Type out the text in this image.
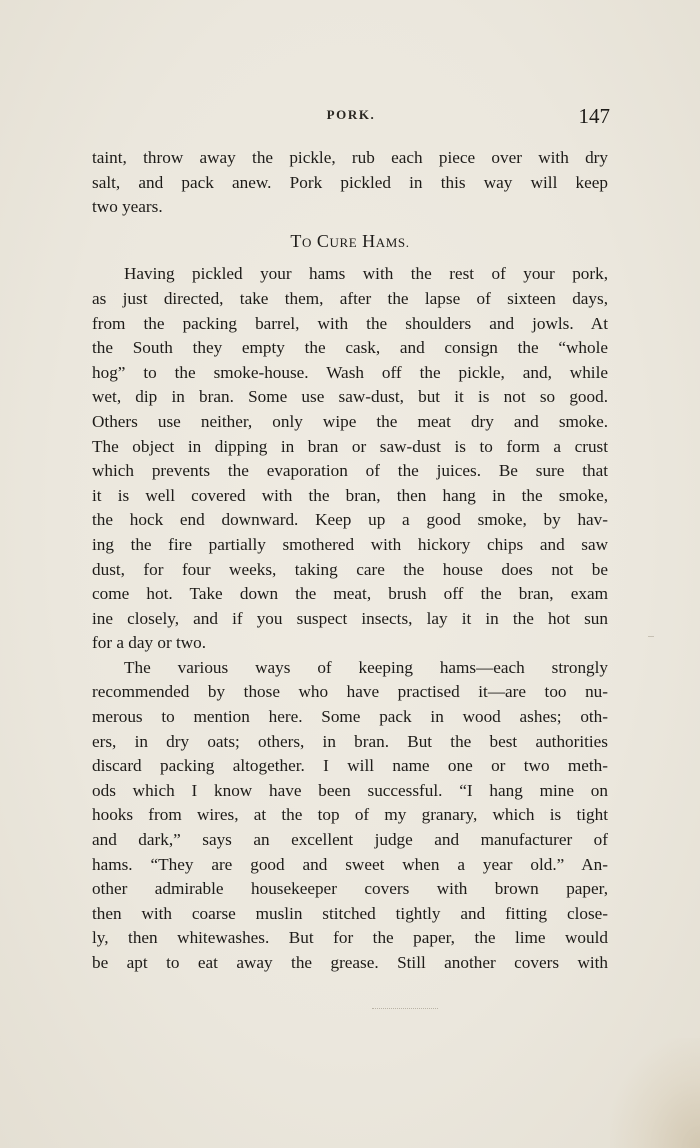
PORK.	147
taint, throw away the pickle, rub each piece over with dry
salt, and pack anew. Pork pickled in this way will keep
two years.
TO CURE HAMS.
Having pickled your hams with the rest of your pork,
as just directed, take them, after the lapse of sixteen days,
from the packing barrel, with the shoulders and jowls. At
the South they empty the cask, and consign the “whole
hog” to the smoke-house. Wash off the pickle, and, while
wet, dip in bran. Some use saw-dust, but it is not so good.
Others use neither, only wipe the meat dry and smoke.
The object in dipping in bran or saw-dust is to form a crust
which prevents the evaporation of the juices. Be sure that
it is well covered with the bran, then hang in the smoke,
the hock end downward. Keep up a good smoke, by hav-
ing the fire partially smothered with hickory chips and saw
dust, for four weeks, taking care the house does not be
come hot. Take down the meat, brush off the bran, exam
ine closely, and if you suspect insects, lay it in the hot sun
for a day or two.
The various ways of keeping hams—each strongly
recommended by those who have practised it—are too nu-
merous to mention here. Some pack in wood ashes; oth-
ers, in dry oats; others, in bran. But the best authorities
discard packing altogether. I will name one or two meth-
ods which I know have been successful. “I hang mine on
hooks from wires, at the top of my granary, which is tight
and dark,” says an excellent judge and manufacturer of
hams. “They are good and sweet when a year old.” An-
other admirable housekeeper covers with brown paper,
then with coarse muslin stitched tightly and fitting close-
ly, then whitewashes. But for the paper, the lime would
be apt to eat away the grease. Still another covers with
